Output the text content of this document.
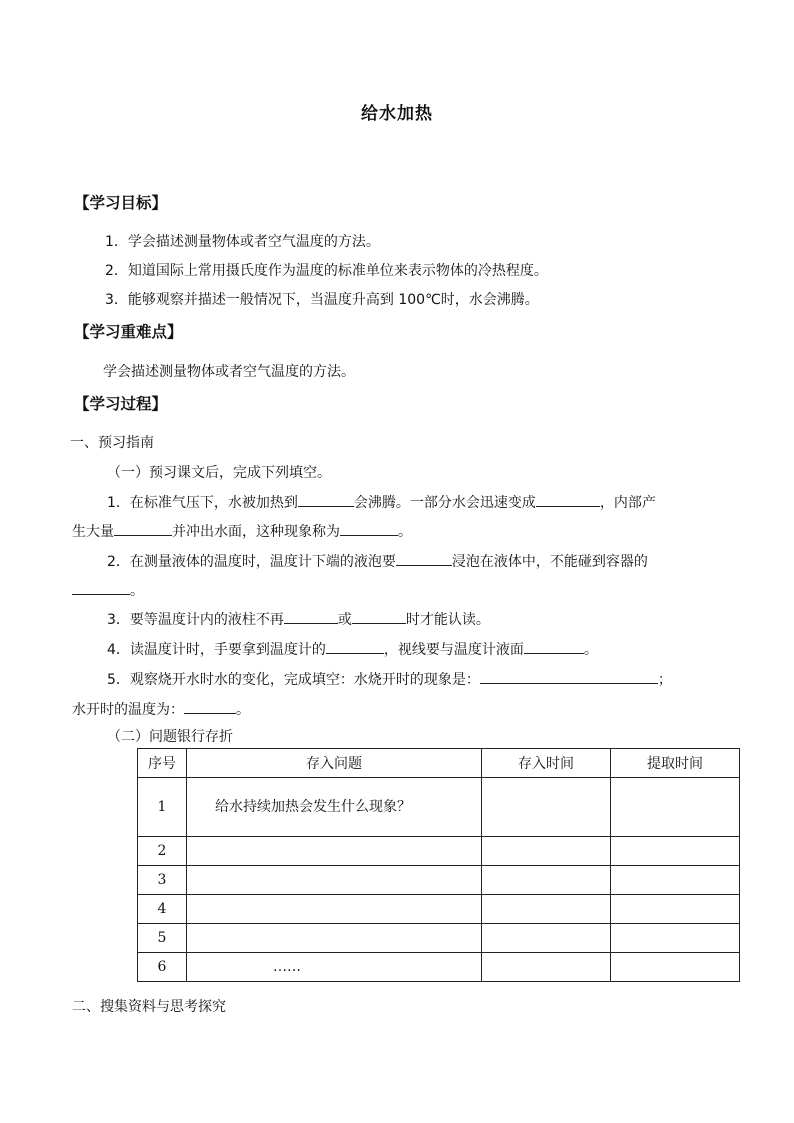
给水加热
【学习目标】
1．学会描述测量物体或者空气温度的方法。
2．知道国际上常用摄氏度作为温度的标准单位来表示物体的冷热程度。
3．能够观察并描述一般情况下，当温度升高到 100℃时，水会沸腾。
【学习重难点】
学会描述测量物体或者空气温度的方法。
【学习过程】
一、预习指南
（一）预习课文后，完成下列填空。
1．在标准气压下，水被加热到	会沸腾。一部分水会迅速变成	，内部产
生大量	并冲出水面，这种现象称为	。
2．在测量液体的温度时，温度计下端的液泡要	浸泡在液体中，不能碰到容器的
。
3．要等温度计内的液柱不再	或	时才能认读。
4．读温度计时，手要拿到温度计的	，视线要与温度计液面	。
5．观察烧开水时水的变化，完成填空：水烧开时的现象是：	；
水开时的温度为：	。
（二）问题银行存折
序号	存入问题	存入时间	提取时间
1	给水持续加热会发生什么现象？		
2			
3			
4			
5			
6	……		
二、搜集资料与思考探究
